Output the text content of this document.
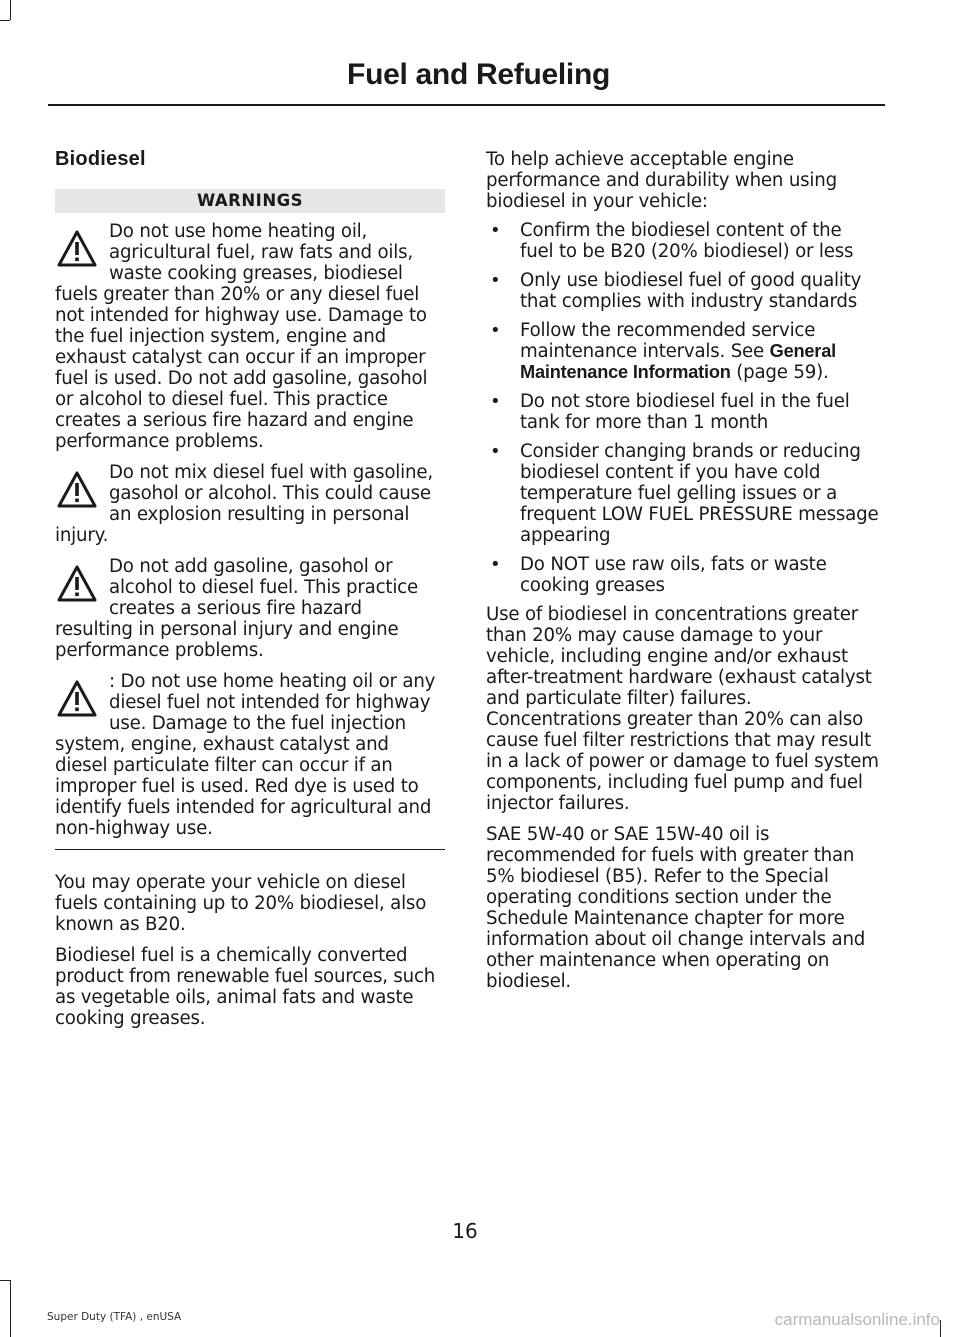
Fuel and Refueling
Biodiesel
WARNINGS

Do not use home heating oil, agricultural fuel, raw fats and oils, waste cooking greases, biodiesel fuels greater than 20% or any diesel fuel not intended for highway use. Damage to the fuel injection system, engine and exhaust catalyst can occur if an improper fuel is used. Do not add gasoline, gasohol or alcohol to diesel fuel. This practice creates a serious fire hazard and engine performance problems.

Do not mix diesel fuel with gasoline, gasohol or alcohol. This could cause an explosion resulting in personal injury.

Do not add gasoline, gasohol or alcohol to diesel fuel. This practice creates a serious fire hazard resulting in personal injury and engine performance problems.

: Do not use home heating oil or any diesel fuel not intended for highway use. Damage to the fuel injection system, engine, exhaust catalyst and diesel particulate filter can occur if an improper fuel is used. Red dye is used to identify fuels intended for agricultural and non-highway use.

You may operate your vehicle on diesel fuels containing up to 20% biodiesel, also known as B20.

Biodiesel fuel is a chemically converted product from renewable fuel sources, such as vegetable oils, animal fats and waste cooking greases.

To help achieve acceptable engine performance and durability when using biodiesel in your vehicle:

• Confirm the biodiesel content of the fuel to be B20 (20% biodiesel) or less

• Only use biodiesel fuel of good quality that complies with industry standards

• Follow the recommended service maintenance intervals. See General Maintenance Information (page 59).

• Do not store biodiesel fuel in the fuel tank for more than 1 month

• Consider changing brands or reducing biodiesel content if you have cold temperature fuel gelling issues or a frequent LOW FUEL PRESSURE message appearing

• Do NOT use raw oils, fats or waste cooking greases

Use of biodiesel in concentrations greater than 20% may cause damage to your vehicle, including engine and/or exhaust after-treatment hardware (exhaust catalyst and particulate filter) failures. Concentrations greater than 20% can also cause fuel filter restrictions that may result in a lack of power or damage to fuel system components, including fuel pump and fuel injector failures.

SAE 5W-40 or SAE 15W-40 oil is recommended for fuels with greater than 5% biodiesel (B5). Refer to the Special operating conditions section under the Schedule Maintenance chapter for more information about oil change intervals and other maintenance when operating on biodiesel.

16
Super Duty (TFA) , enUSA	carmanualsonline.info
